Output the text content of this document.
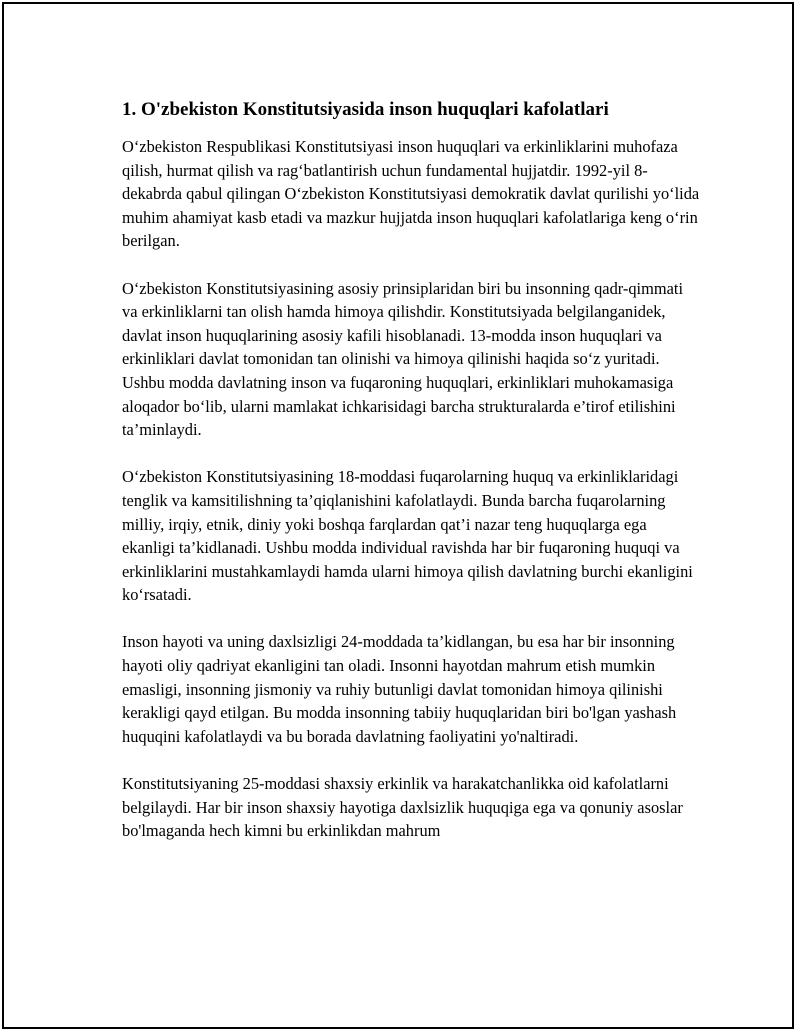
1. O'zbekiston Konstitutsiyasida inson huquqlari kafolatlari

O‘zbekiston Respublikasi Konstitutsiyasi inson huquqlari va erkinliklarini muhofaza qilish, hurmat qilish va rag‘batlantirish uchun fundamental hujjatdir. 1992-yil 8-dekabrda qabul qilingan O‘zbekiston Konstitutsiyasi demokratik davlat qurilishi yo‘lida muhim ahamiyat kasb etadi va mazkur hujjatda inson huquqlari kafolatlariga keng o‘rin berilgan.

O‘zbekiston Konstitutsiyasining asosiy prinsiplaridan biri bu insonning qadr-qimmati va erkinliklarni tan olish hamda himoya qilishdir. Konstitutsiyada belgilanganidek, davlat inson huquqlarining asosiy kafili hisoblanadi. 13-modda inson huquqlari va erkinliklari davlat tomonidan tan olinishi va himoya qilinishi haqida so‘z yuritadi. Ushbu modda davlatning inson va fuqaroning huquqlari, erkinliklari muhokamasiga aloqador bo‘lib, ularni mamlakat ichkarisidagi barcha strukturalarda e’tirof etilishini ta’minlaydi.

O‘zbekiston Konstitutsiyasining 18-moddasi fuqarolarning huquq va erkinliklaridagi tenglik va kamsitilishning ta’qiqlanishini kafolatlaydi. Bunda barcha fuqarolarning milliy, irqiy, etnik, diniy yoki boshqa farqlardan qat’i nazar teng huquqlarga ega ekanligi ta’kidlanadi. Ushbu modda individual ravishda har bir fuqaroning huquqi va erkinliklarini mustahkamlaydi hamda ularni himoya qilish davlatning burchi ekanligini ko‘rsatadi.

Inson hayoti va uning daxlsizligi 24-moddada ta’kidlangan, bu esa har bir insonning hayoti oliy qadriyat ekanligini tan oladi. Insonni hayotdan mahrum etish mumkin emasligi, insonning jismoniy va ruhiy butunligi davlat tomonidan himoya qilinishi kerakligi qayd etilgan. Bu modda insonning tabiiy huquqlaridan biri bo'lgan yashash huquqini kafolatlaydi va bu borada davlatning faoliyatini yo'naltiradi.

Konstitutsiyaning 25-moddasi shaxsiy erkinlik va harakatchanlikka oid kafolatlarni belgilaydi. Har bir inson shaxsiy hayotiga daxlsizlik huquqiga ega va qonuniy asoslar bo'lmaganda hech kimni bu erkinlikdan mahrum
